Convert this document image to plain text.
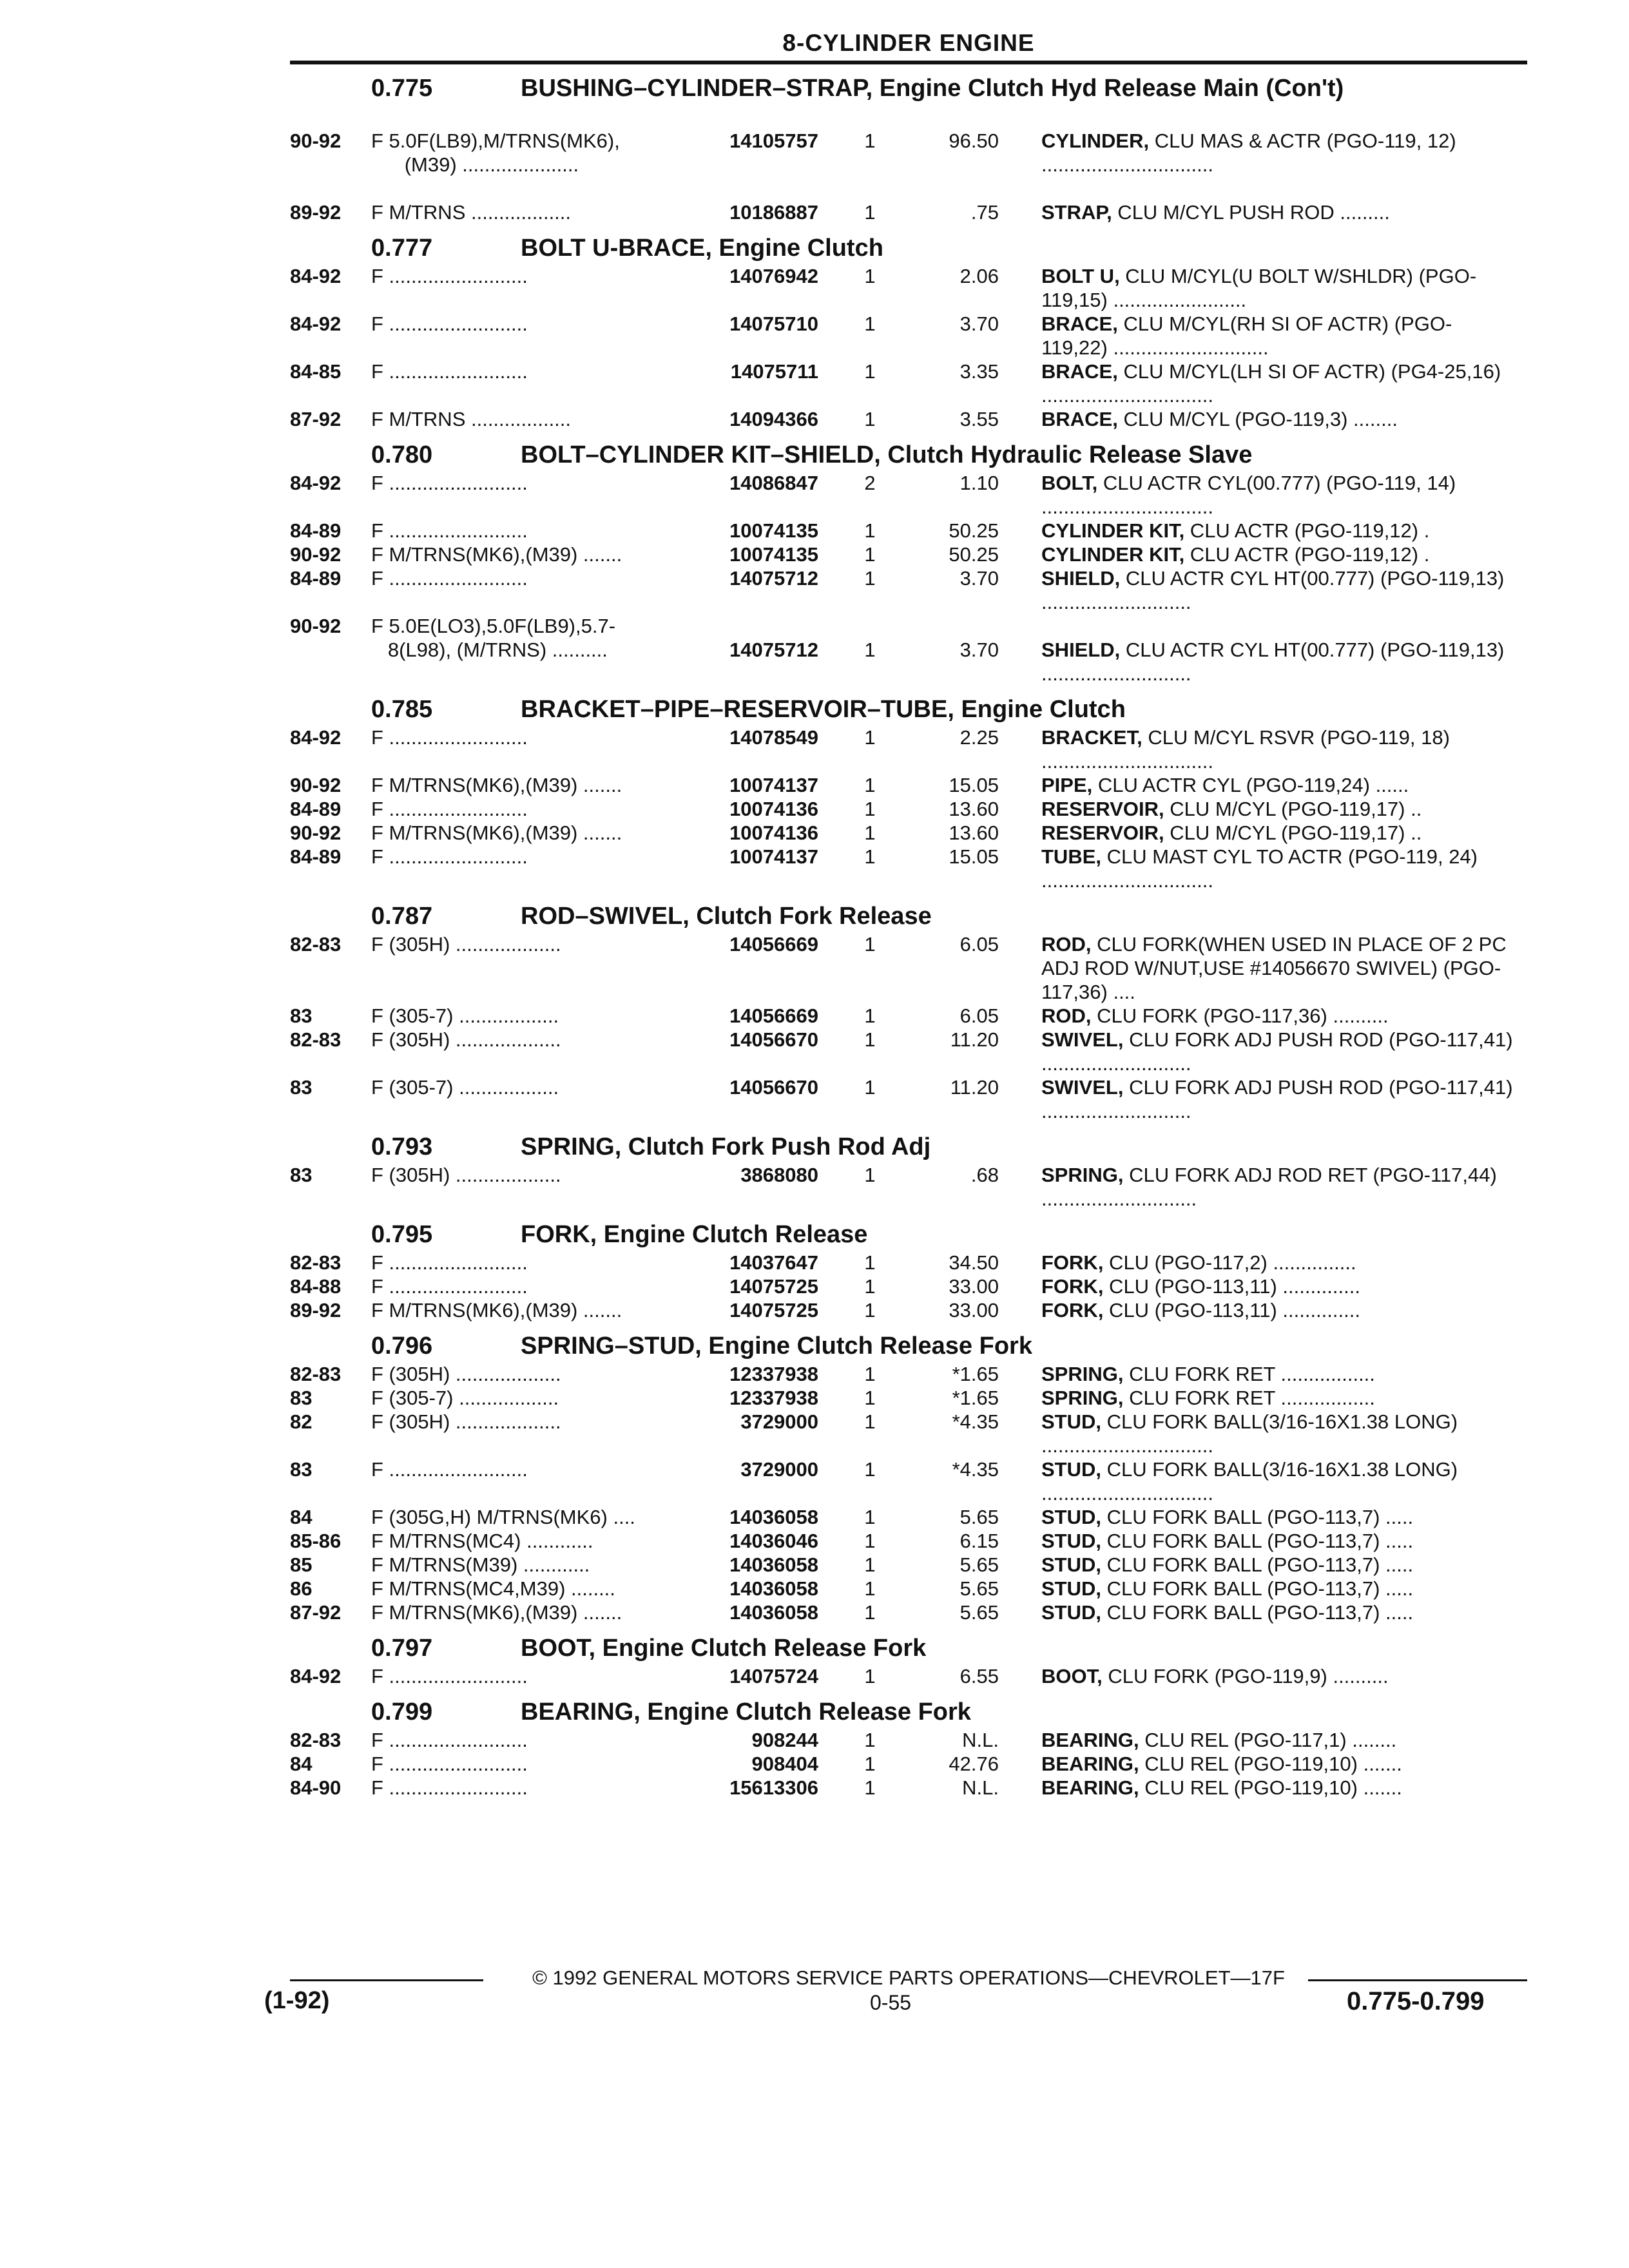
8-CYLINDER ENGINE
0.775	BUSHING–CYLINDER–STRAP, Engine Clutch Hyd Release Main (Con't)
90-92 F 5.0F(LB9),M/TRNS(MK6),
(M39) .....................
14105757	1	96.50 CYLINDER, CLU MAS & ACTR (PGO-119, 12) ...............................
89-92 F M/TRNS ..................	10186887	1	.75 STRAP, CLU M/CYL PUSH ROD .........
0.777	BOLT U-BRACE, Engine Clutch
84-92 F .........................	14076942	1	2.06 BOLT U, CLU M/CYL(U BOLT W/SHLDR) (PGO-119,15) ........................
84-92 F .........................	14075710	1	3.70 BRACE, CLU M/CYL(RH SI OF ACTR) (PGO-119,22) ............................
84-85 F .........................	14075711	1	3.35 BRACE, CLU M/CYL(LH SI OF ACTR) (PG4-25,16) ...............................
87-92 F M/TRNS ..................	14094366	1	3.55 BRACE, CLU M/CYL (PGO-119,3) ........
0.780	BOLT–CYLINDER KIT–SHIELD, Clutch Hydraulic Release Slave
84-92 F .........................	14086847	2	1.10 BOLT, CLU ACTR CYL(00.777) (PGO-119, 14) ...............................
84-89 F .........................	10074135	1	50.25 CYLINDER KIT, CLU ACTR (PGO-119,12) .
90-92 F M/TRNS(MK6),(M39) .......	10074135	1	50.25 CYLINDER KIT, CLU ACTR (PGO-119,12) .
84-89 F .........................	14075712	1	3.70 SHIELD, CLU ACTR CYL HT(00.777) (PGO-119,13) ...........................
90-92 F 5.0E(LO3),5.0F(LB9),5.7-
8(L98), (M/TRNS) ..........	14075712	1	3.70 SHIELD, CLU ACTR CYL HT(00.777) (PGO-119,13) ...........................
0.785	BRACKET–PIPE–RESERVOIR–TUBE, Engine Clutch
84-92 F .........................	14078549	1	2.25 BRACKET, CLU M/CYL RSVR (PGO-119, 18) ...............................
90-92 F M/TRNS(MK6),(M39) .......	10074137	1	15.05 PIPE, CLU ACTR CYL (PGO-119,24) ......
84-89 F .........................	10074136	1	13.60 RESERVOIR, CLU M/CYL (PGO-119,17) ..
90-92 F M/TRNS(MK6),(M39) .......	10074136	1	13.60 RESERVOIR, CLU M/CYL (PGO-119,17) ..
84-89 F .........................	10074137	1	15.05 TUBE, CLU MAST CYL TO ACTR (PGO-119, 24) ...............................
0.787	ROD–SWIVEL, Clutch Fork Release
82-83 F (305H) ...................	14056669	1	6.05 ROD, CLU FORK(WHEN USED IN PLACE OF 2 PC ADJ ROD W/NUT,USE #14056670 SWIVEL) (PGO-117,36) ....
83	F (305-7) ..................	14056669	1	6.05 ROD, CLU FORK (PGO-117,36) ..........
82-83 F (305H) ...................	14056670	1	11.20 SWIVEL, CLU FORK ADJ PUSH ROD (PGO-117,41) ...........................
83	F (305-7) ..................	14056670	1	11.20 SWIVEL, CLU FORK ADJ PUSH ROD (PGO-117,41) ...........................
0.793	SPRING, Clutch Fork Push Rod Adj
83	F (305H) ...................	3868080	1	.68 SPRING, CLU FORK ADJ ROD RET (PGO-117,44) ............................
0.795	FORK, Engine Clutch Release
82-83 F .........................	14037647	1	34.50 FORK, CLU (PGO-117,2) ...............
84-88 F .........................	14075725	1	33.00 FORK, CLU (PGO-113,11) ..............
89-92 F M/TRNS(MK6),(M39) .......	14075725	1	33.00 FORK, CLU (PGO-113,11) ..............
0.796	SPRING–STUD, Engine Clutch Release Fork
82-83 F (305H) ...................	12337938	1	*1.65 SPRING, CLU FORK RET .................
83	F (305-7) ..................	12337938	1	*1.65 SPRING, CLU FORK RET .................
82	F (305H) ...................	3729000	1	*4.35 STUD, CLU FORK BALL(3/16-16X1.38 LONG) ...............................
83	F .........................	3729000	1	*4.35 STUD, CLU FORK BALL(3/16-16X1.38 LONG) ...............................
84	F (305G,H) M/TRNS(MK6) ....	14036058	1	5.65 STUD, CLU FORK BALL (PGO-113,7) .....
85-86 F M/TRNS(MC4) ............	14036046	1	6.15 STUD, CLU FORK BALL (PGO-113,7) .....
85	F M/TRNS(M39) ............	14036058	1	5.65 STUD, CLU FORK BALL (PGO-113,7) .....
86	F M/TRNS(MC4,M39) ........	14036058	1	5.65 STUD, CLU FORK BALL (PGO-113,7) .....
87-92 F M/TRNS(MK6),(M39) .......	14036058	1	5.65 STUD, CLU FORK BALL (PGO-113,7) .....
0.797	BOOT, Engine Clutch Release Fork
84-92 F .........................	14075724	1	6.55 BOOT, CLU FORK (PGO-119,9) ..........
0.799	BEARING, Engine Clutch Release Fork
82-83 F .........................	908244	1	N.L. BEARING, CLU REL (PGO-117,1) ........
84	F .........................	908404	1	42.76 BEARING, CLU REL (PGO-119,10) .......
84-90 F .........................	15613306	1	N.L. BEARING, CLU REL (PGO-119,10) .......
© 1992 GENERAL MOTORS SERVICE PARTS OPERATIONS—CHEVROLET—17F
(1-92)	0-55	0.775-0.799
